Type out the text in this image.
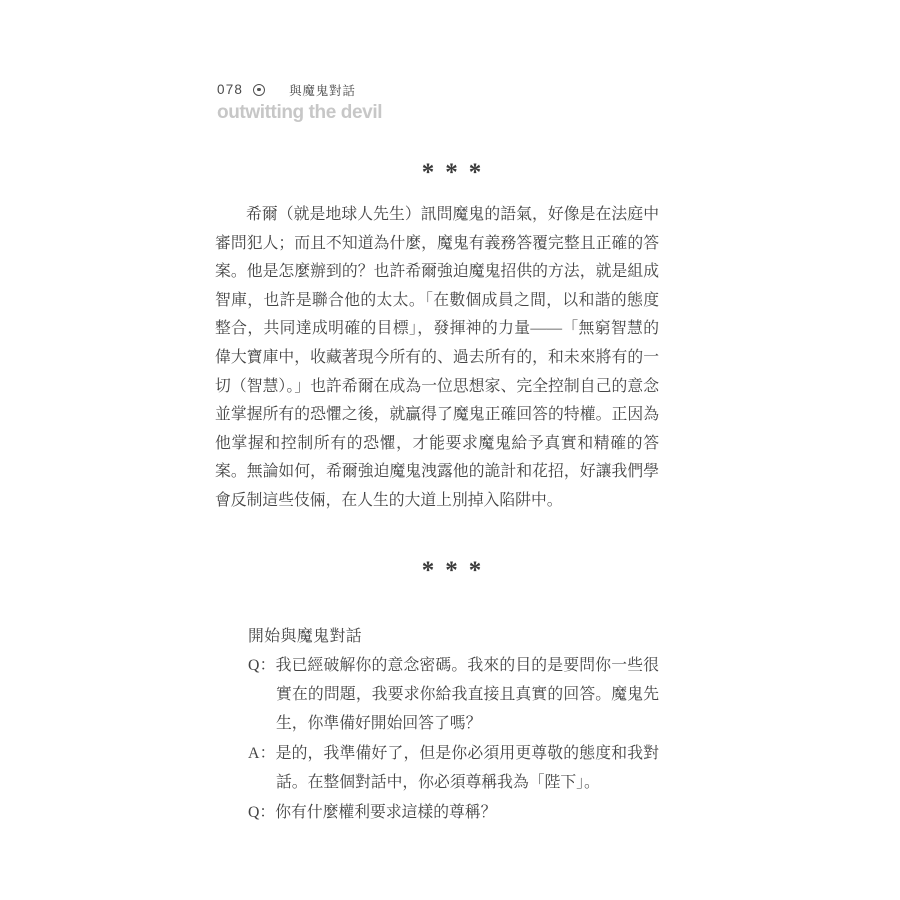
078	與魔鬼對話
outwitting the devil
***

希爾（就是地球人先生）訊問魔鬼的語氣，好像是在法庭中審問犯人；而且不知道為什麼，魔鬼有義務答覆完整且正確的答案。他是怎麼辦到的？也許希爾強迫魔鬼招供的方法，就是組成智庫，也許是聯合他的太太。「在數個成員之間，以和諧的態度整合，共同達成明確的目標」，發揮神的力量——「無窮智慧的偉大寶庫中，收藏著現今所有的、過去所有的，和未來將有的一切（智慧）。」也許希爾在成為一位思想家、完全控制自己的意念並掌握所有的恐懼之後，就贏得了魔鬼正確回答的特權。正因為他掌握和控制所有的恐懼，才能要求魔鬼給予真實和精確的答案。無論如何，希爾強迫魔鬼洩露他的詭計和花招，好讓我們學會反制這些伎倆，在人生的大道上別掉入陷阱中。

***
開始與魔鬼對話

Q：我已經破解你的意念密碼。我來的目的是要問你一些很實在的問題，我要求你給我直接且真實的回答。魔鬼先生，你準備好開始回答了嗎？

A：是的，我準備好了，但是你必須用更尊敬的態度和我對話。在整個對話中，你必須尊稱我為「陛下」。

Q：你有什麼權利要求這樣的尊稱？
